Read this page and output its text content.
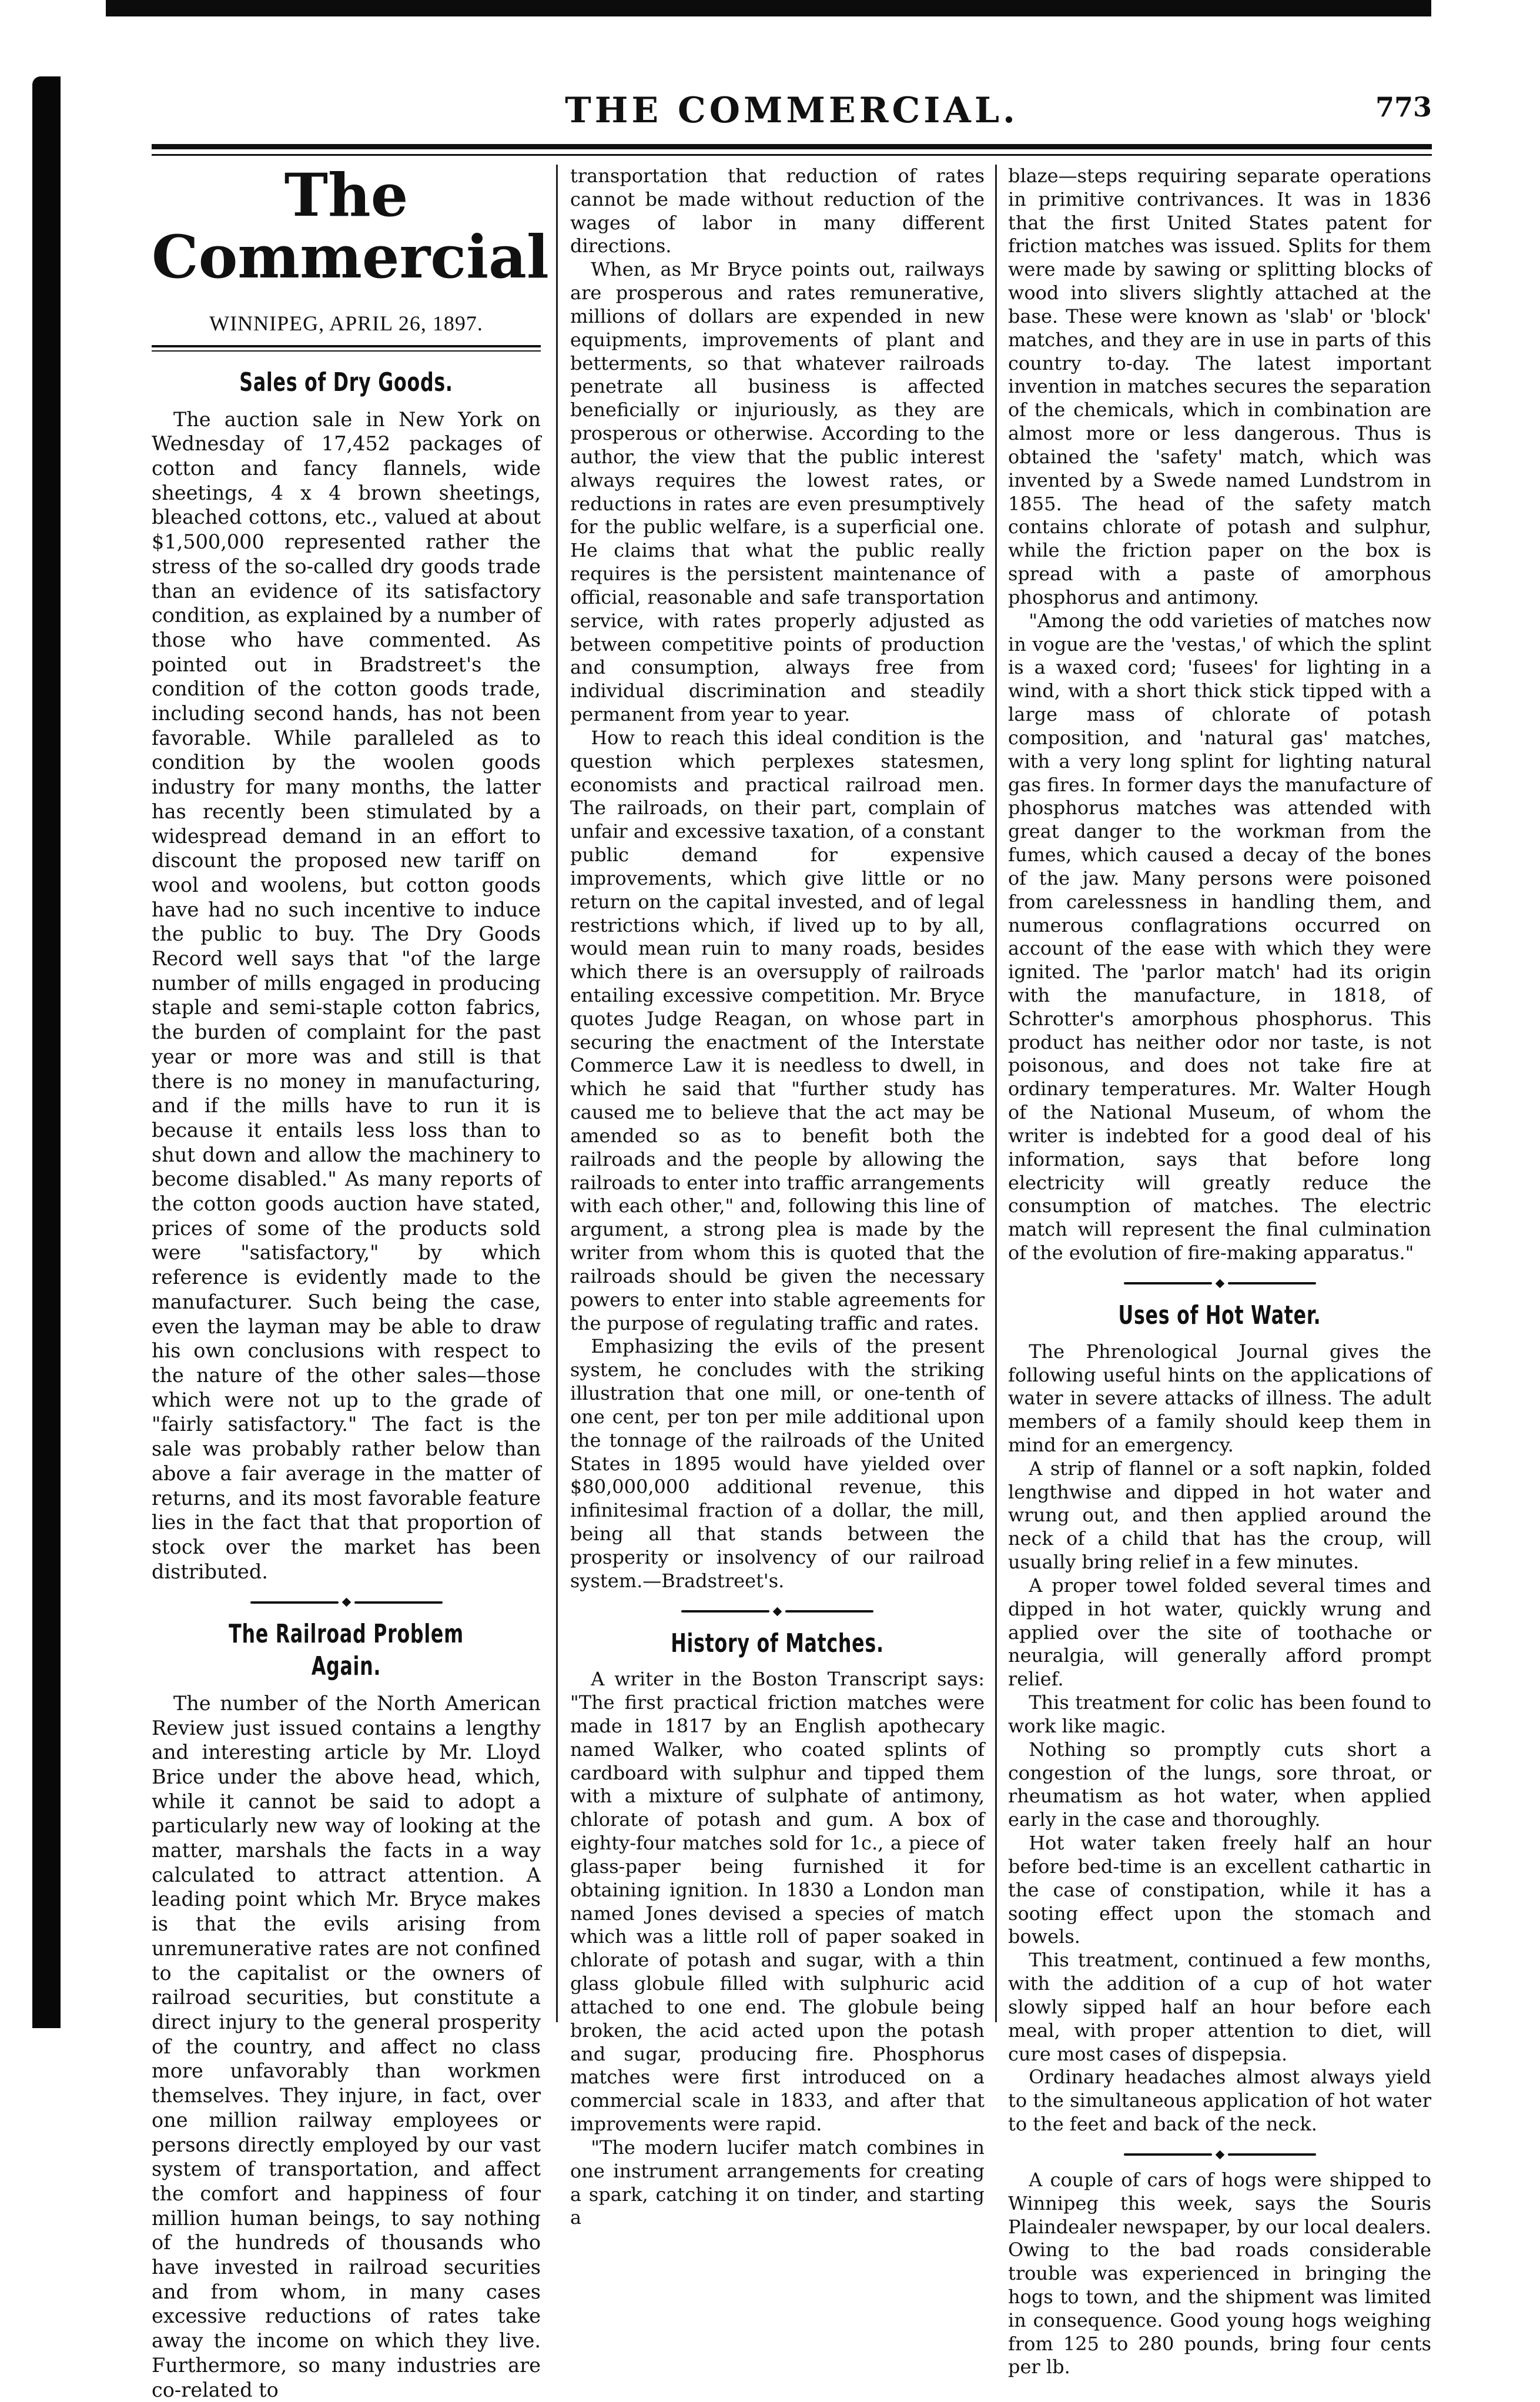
THE COMMERCIAL.	773
The Commercial
WINNIPEG, APRIL 26, 1897.
Sales of Dry Goods.

The auction sale in New York on Wednesday of 17,452 packages of cotton and fancy flannels, wide sheetings, 4 x 4 brown sheetings, bleached cottons, etc., valued at about $1,500,000 represented rather the stress of the so-called dry goods trade than an evidence of its satisfactory condition, as explained by a number of those who have commented. As pointed out in Bradstreet's the condition of the cotton goods trade, including second hands, has not been favorable. While paralleled as to condition by the woolen goods industry for many months, the latter has recently been stimulated by a widespread demand in an effort to discount the proposed new tariff on wool and woolens, but cotton goods have had no such incentive to induce the public to buy. The Dry Goods Record well says that "of the large number of mills engaged in producing staple and semi-staple cotton fabrics, the burden of complaint for the past year or more was and still is that there is no money in manufacturing, and if the mills have to run it is because it entails less loss than to shut down and allow the machinery to become disabled." As many reports of the cotton goods auction have stated, prices of some of the products sold were "satisfactory," by which reference is evidently made to the manufacturer. Such being the case, even the layman may be able to draw his own conclusions with respect to the nature of the other sales—those which were not up to the grade of "fairly satisfactory." The fact is the sale was probably rather below than above a fair average in the matter of returns, and its most favorable feature lies in the fact that that proportion of stock over the market has been distributed.

The Railroad Problem Again.

The number of the North American Review just issued contains a lengthy and interesting article by Mr. Lloyd Brice under the above head, which, while it cannot be said to adopt a particularly new way of looking at the matter, marshals the facts in a way calculated to attract attention. A leading point which Mr. Bryce makes is that the evils arising from unremunerative rates are not confined to the capitalist or the owners of railroad securities, but constitute a direct injury to the general prosperity of the country, and affect no class more unfavorably than workmen themselves. They injure, in fact, over one million railway employees or persons directly employed by our vast system of transportation, and affect the comfort and happiness of four million human beings, to say nothing of the hundreds of thousands who have invested in railroad securities and from whom, in many cases excessive reductions of rates take away the income on which they live. Furthermore, so many industries are co-related to

transportation that reduction of rates cannot be made without reduction of the wages of labor in many different directions.

When, as Mr Bryce points out, railways are prosperous and rates remunerative, millions of dollars are expended in new equipments, improvements of plant and betterments, so that whatever railroads penetrate all business is affected beneficially or injuriously, as they are prosperous or otherwise. According to the author, the view that the public interest always requires the lowest rates, or reductions in rates are even presumptively for the public welfare, is a superficial one. He claims that what the public really requires is the persistent maintenance of official, reasonable and safe transportation service, with rates properly adjusted as between competitive points of production and consumption, always free from individual discrimination and steadily permanent from year to year.

How to reach this ideal condition is the question which perplexes statesmen, economists and practical railroad men. The railroads, on their part, complain of unfair and excessive taxation, of a constant public demand for expensive improvements, which give little or no return on the capital invested, and of legal restrictions which, if lived up to by all, would mean ruin to many roads, besides which there is an oversupply of railroads entailing excessive competition. Mr. Bryce quotes Judge Reagan, on whose part in securing the enactment of the Interstate Commerce Law it is needless to dwell, in which he said that "further study has caused me to believe that the act may be amended so as to benefit both the railroads and the people by allowing the railroads to enter into traffic arrangements with each other," and, following this line of argument, a strong plea is made by the writer from whom this is quoted that the railroads should be given the necessary powers to enter into stable agreements for the purpose of regulating traffic and rates.

Emphasizing the evils of the present system, he concludes with the striking illustration that one mill, or one-tenth of one cent, per ton per mile additional upon the tonnage of the railroads of the United States in 1895 would have yielded over $80,000,000 additional revenue, this infinitesimal fraction of a dollar, the mill, being all that stands between the prosperity or insolvency of our railroad system.—Bradstreet's.

History of Matches.

A writer in the Boston Transcript says: "The first practical friction matches were made in 1817 by an English apothecary named Walker, who coated splints of cardboard with sulphur and tipped them with a mixture of sulphate of antimony, chlorate of potash and gum. A box of eighty-four matches sold for 1c., a piece of glass-paper being furnished it for obtaining ignition. In 1830 a London man named Jones devised a species of match which was a little roll of paper soaked in chlorate of potash and sugar, with a thin glass globule filled with sulphuric acid attached to one end. The globule being broken, the acid acted upon the potash and sugar, producing fire. Phosphorus matches were first introduced on a commercial scale in 1833, and after that improvements were rapid.

"The modern lucifer match combines in one instrument arrangements for creating a spark, catching it on tinder, and starting a

blaze—steps requiring separate operations in primitive contrivances. It was in 1836 that the first United States patent for friction matches was issued. Splits for them were made by sawing or splitting blocks of wood into slivers slightly attached at the base. These were known as 'slab' or 'block' matches, and they are in use in parts of this country to-day. The latest important invention in matches secures the separation of the chemicals, which in combination are almost more or less dangerous. Thus is obtained the 'safety' match, which was invented by a Swede named Lundstrom in 1855. The head of the safety match contains chlorate of potash and sulphur, while the friction paper on the box is spread with a paste of amorphous phosphorus and antimony.

"Among the odd varieties of matches now in vogue are the 'vestas,' of which the splint is a waxed cord; 'fusees' for lighting in a wind, with a short thick stick tipped with a large mass of chlorate of potash composition, and 'natural gas' matches, with a very long splint for lighting natural gas fires. In former days the manufacture of phosphorus matches was attended with great danger to the workman from the fumes, which caused a decay of the bones of the jaw. Many persons were poisoned from carelessness in handling them, and numerous conflagrations occurred on account of the ease with which they were ignited. The 'parlor match' had its origin with the manufacture, in 1818, of Schrotter's amorphous phosphorus. This product has neither odor nor taste, is not poisonous, and does not take fire at ordinary temperatures. Mr. Walter Hough of the National Museum, of whom the writer is indebted for a good deal of his information, says that before long electricity will greatly reduce the consumption of matches. The electric match will represent the final culmination of the evolution of fire-making apparatus."

Uses of Hot Water.

The Phrenological Journal gives the following useful hints on the applications of water in severe attacks of illness. The adult members of a family should keep them in mind for an emergency.

A strip of flannel or a soft napkin, folded lengthwise and dipped in hot water and wrung out, and then applied around the neck of a child that has the croup, will usually bring relief in a few minutes.

A proper towel folded several times and dipped in hot water, quickly wrung and applied over the site of toothache or neuralgia, will generally afford prompt relief.

This treatment for colic has been found to work like magic.

Nothing so promptly cuts short a congestion of the lungs, sore throat, or rheumatism as hot water, when applied early in the case and thoroughly.

Hot water taken freely half an hour before bed-time is an excellent cathartic in the case of constipation, while it has a sooting effect upon the stomach and bowels.

This treatment, continued a few months, with the addition of a cup of hot water slowly sipped half an hour before each meal, with proper attention to diet, will cure most cases of dispepsia.

Ordinary headaches almost always yield to the simultaneous application of hot water to the feet and back of the neck.

A couple of cars of hogs were shipped to Winnipeg this week, says the Souris Plaindealer newspaper, by our local dealers. Owing to the bad roads considerable trouble was experienced in bringing the hogs to town, and the shipment was limited in consequence. Good young hogs weighing from 125 to 280 pounds, bring four cents per lb.
